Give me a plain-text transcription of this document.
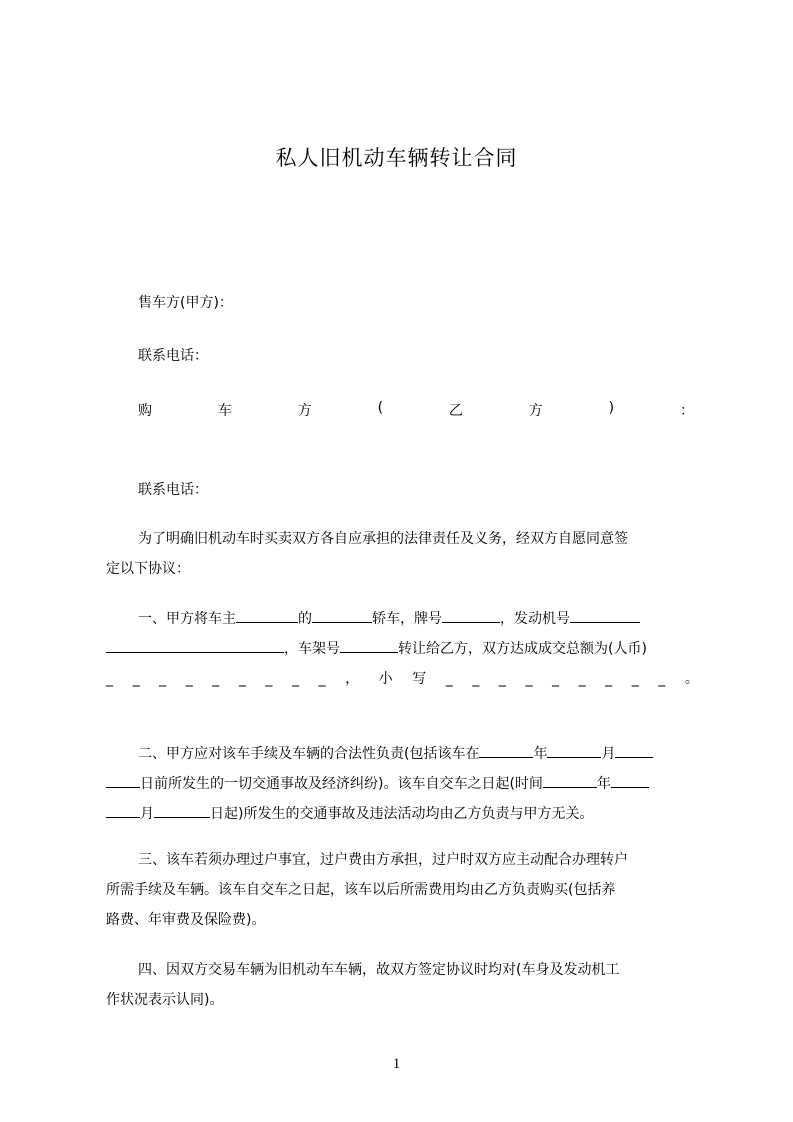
私人旧机动车辆转让合同
售车方(甲方)：
联系电话：
购	车	方	(	乙	方	)	：
联系电话：
为了明确旧机动车时买卖双方各自应承担的法律责任及义务，经双方自愿同意签
定以下协议：
一、甲方将车主	的	轿车，牌号	，发动机号
，车架号	转让给乙方，双方达成成交总额为(人币)
_ _ _ _ _ _ _ _ _ ， 小 写 _ _ _ _ _ _ _ _ _ 。
二、甲方应对该车手续及车辆的合法性负责(包括该车在	年	月
日前所发生的一切交通事故及经济纠纷)。该车自交车之日起(时间	年
月	日起)所发生的交通事故及违法活动均由乙方负责与甲方无关。
三、该车若须办理过户事宜，过户费由方承担，过户时双方应主动配合办理转户
所需手续及车辆。该车自交车之日起，该车以后所需费用均由乙方负责购买(包括养
路费、年审费及保险费)。
四、因双方交易车辆为旧机动车车辆，故双方签定协议时均对(车身及发动机工
作状况表示认同)。
1
